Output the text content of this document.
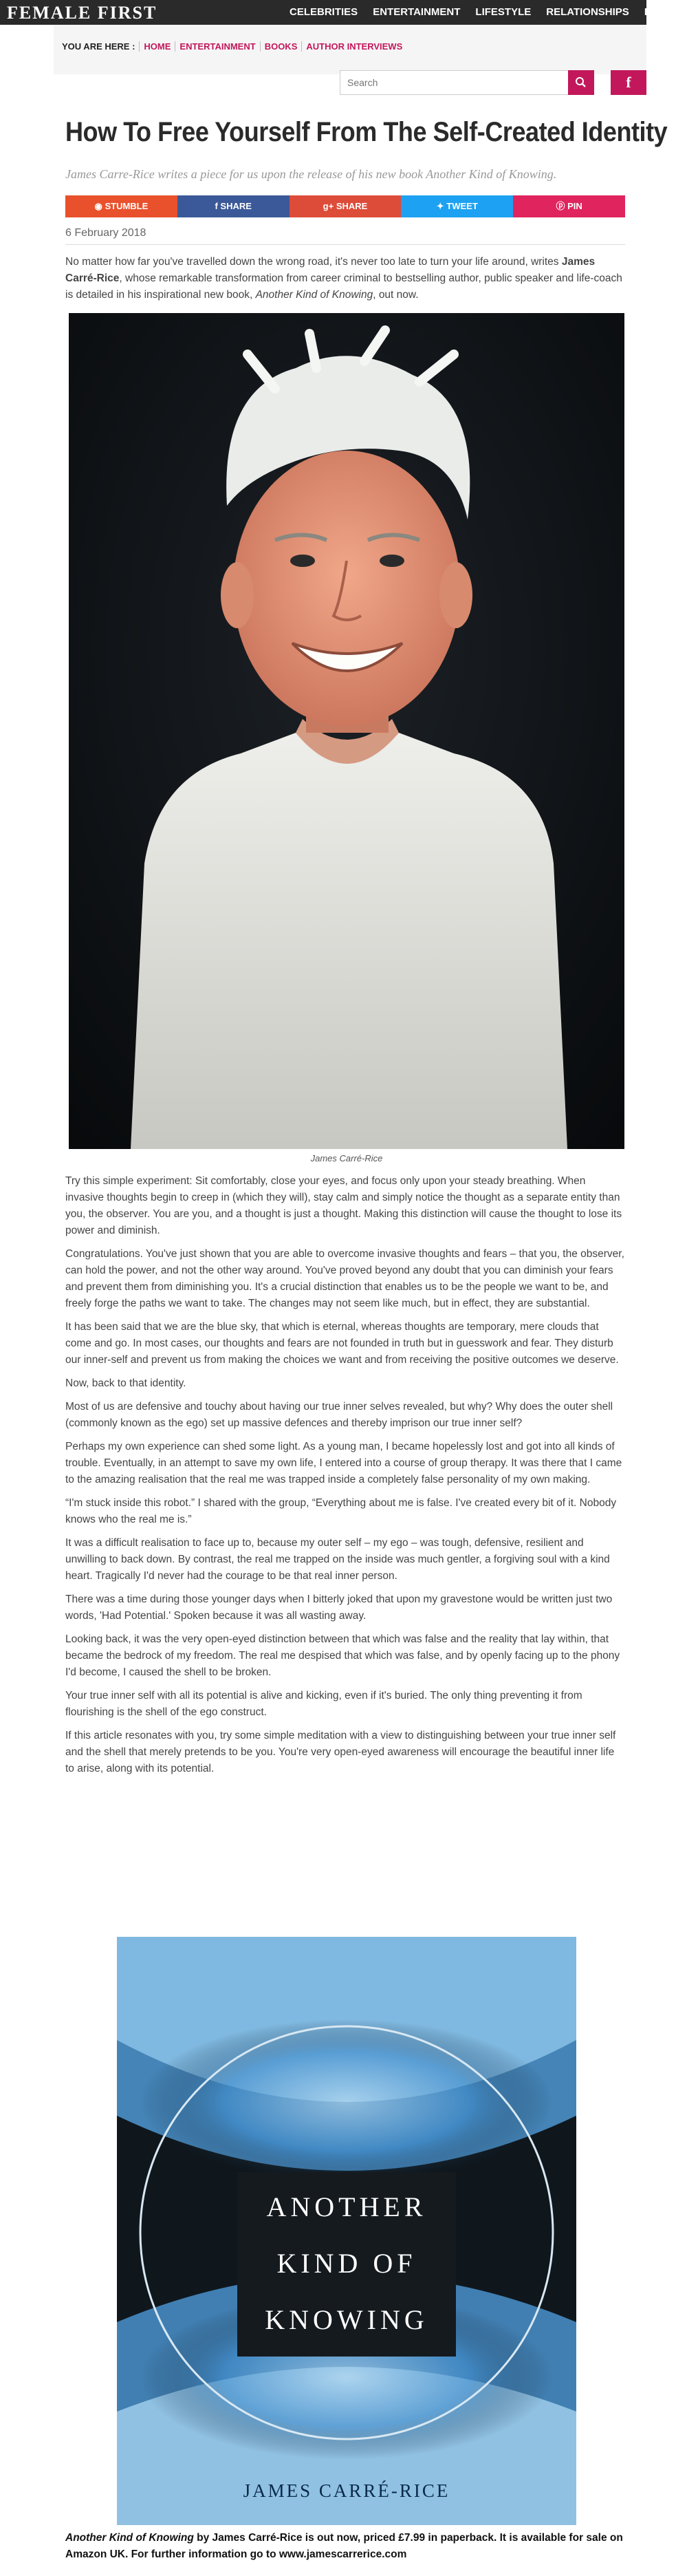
FEMALE FIRST	CELEBRITIES	ENTERTAINMENT	LIFESTYLE	RELATIONSHIPS	FASHION
YOU ARE HERE :	HOME	ENTERTAINMENT	BOOKS	AUTHOR INTERVIEWS
Search
f
How To Free Yourself From The Self-Created Identity
James Carre-Rice writes a piece for us upon the release of his new book Another Kind of Knowing.
◉ STUMBLE	f SHARE	g+ SHARE	✦ TWEET	ⓟ PIN
6 February 2018
No matter how far you've travelled down the wrong road, it's never too late to turn your life around, writes James Carré-Rice, whose remarkable transformation from career criminal to bestselling author, public speaker and life-coach is detailed in his inspirational new book, Another Kind of Knowing, out now.
James Carré-Rice

Try this simple experiment: Sit comfortably, close your eyes, and focus only upon your steady breathing. When invasive thoughts begin to creep in (which they will), stay calm and simply notice the thought as a separate entity than you, the observer. You are you, and a thought is just a thought. Making this distinction will cause the thought to lose its power and diminish.

Congratulations. You've just shown that you are able to overcome invasive thoughts and fears – that you, the observer, can hold the power, and not the other way around. You've proved beyond any doubt that you can diminish your fears and prevent them from diminishing you. It's a crucial distinction that enables us to be the people we want to be, and freely forge the paths we want to take. The changes may not seem like much, but in effect, they are substantial.

It has been said that we are the blue sky, that which is eternal, whereas thoughts are temporary, mere clouds that come and go. In most cases, our thoughts and fears are not founded in truth but in guesswork and fear. They disturb our inner-self and prevent us from making the choices we want and from receiving the positive outcomes we deserve.

Now, back to that identity.

Most of us are defensive and touchy about having our true inner selves revealed, but why? Why does the outer shell (commonly known as the ego) set up massive defences and thereby imprison our true inner self?

Perhaps my own experience can shed some light. As a young man, I became hopelessly lost and got into all kinds of trouble. Eventually, in an attempt to save my own life, I entered into a course of group therapy. It was there that I came to the amazing realisation that the real me was trapped inside a completely false personality of my own making.

“I'm stuck inside this robot.” I shared with the group, “Everything about me is false. I've created every bit of it. Nobody knows who the real me is.”

It was a difficult realisation to face up to, because my outer self – my ego – was tough, defensive, resilient and unwilling to back down. By contrast, the real me trapped on the inside was much gentler, a forgiving soul with a kind heart. Tragically I'd never had the courage to be that real inner person.

There was a time during those younger days when I bitterly joked that upon my gravestone would be written just two words, 'Had Potential.' Spoken because it was all wasting away.

Looking back, it was the very open-eyed distinction between that which was false and the reality that lay within, that became the bedrock of my freedom. The real me despised that which was false, and by openly facing up to the phony I'd become, I caused the shell to be broken.

Your true inner self with all its potential is alive and kicking, even if it's buried. The only thing preventing it from flourishing is the shell of the ego construct.

If this article resonates with you, try some simple meditation with a view to distinguishing between your true inner self and the shell that merely pretends to be you. You're very open-eyed awareness will encourage the beautiful inner life to arise, along with its potential.

ANOTHER
KIND OF
KNOWING
JAMES CARRÉ-RICE
Another Kind of Knowing by James Carré-Rice is out now, priced £7.99 in paperback. It is available for sale on Amazon UK. For further information go to www.jamescarrerice.com
